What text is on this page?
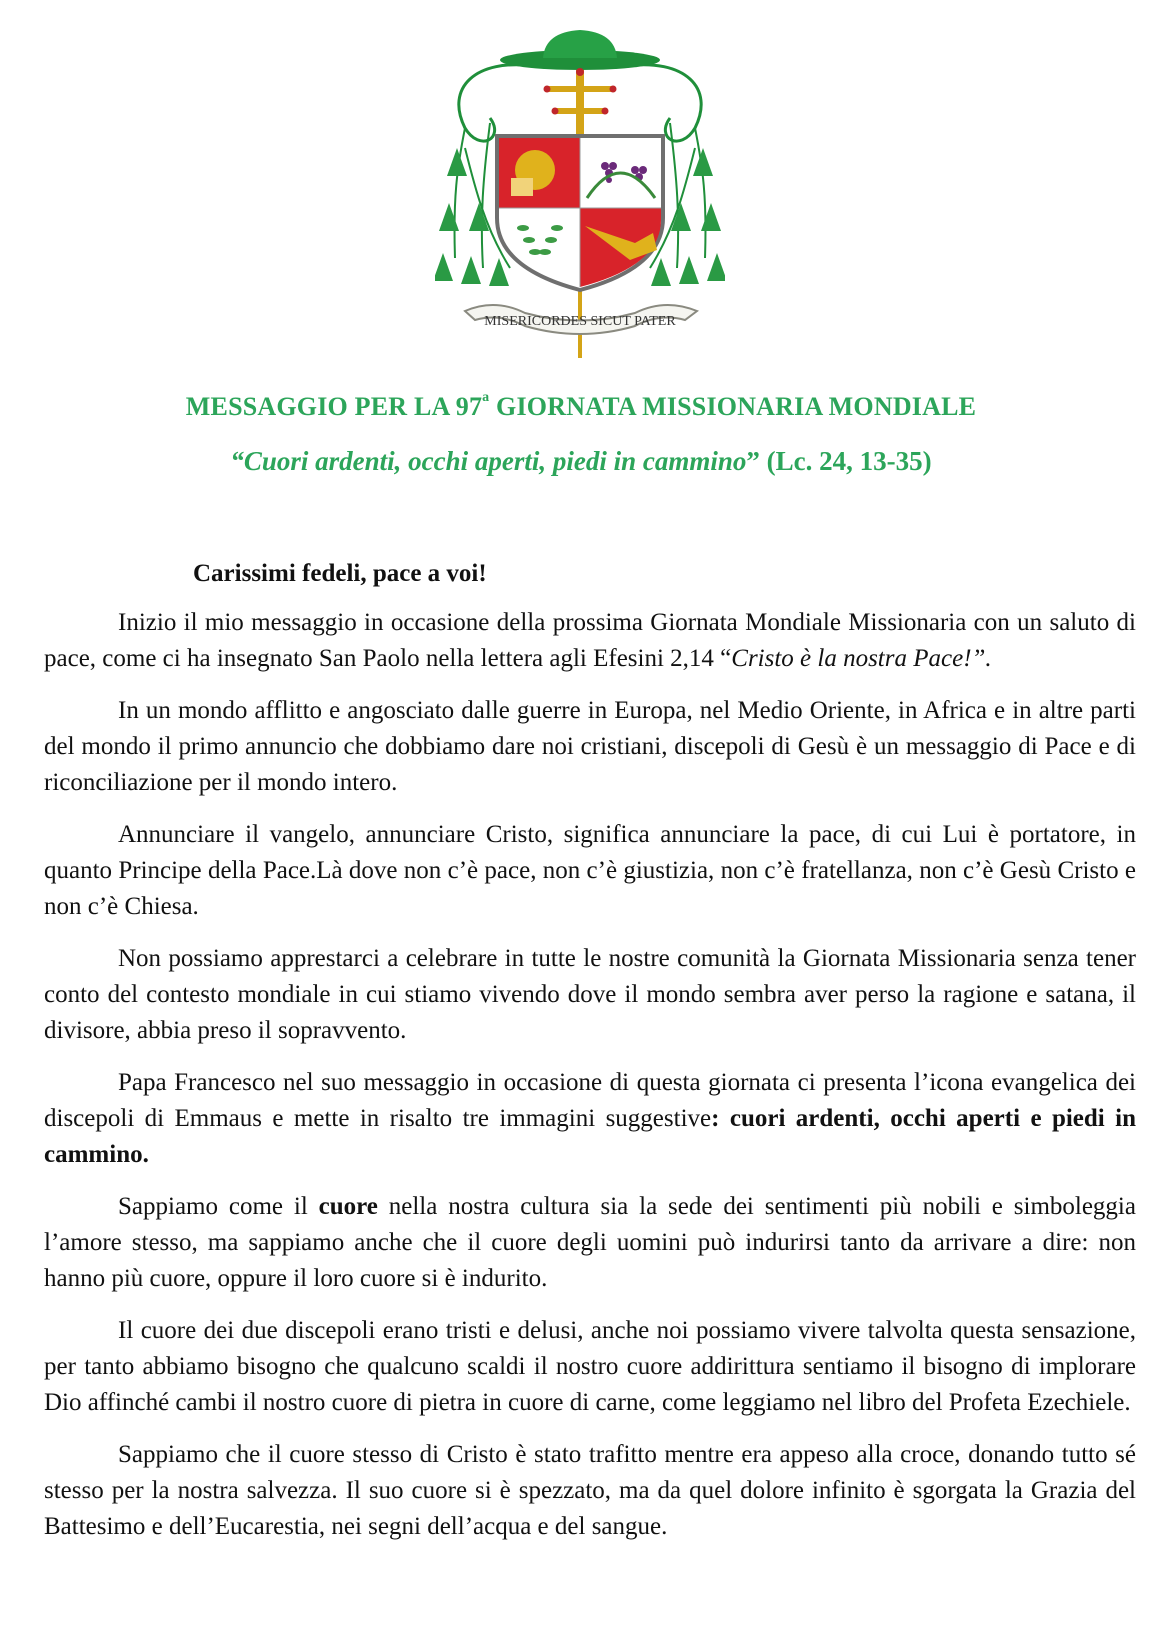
MISERICORDES SICUT PATER
MESSAGGIO PER LA 97$^a$ GIORNATA MISSIONARIA MONDIALE
“Cuori ardenti, occhi aperti, piedi in cammino” (Lc. 24, 13-35)
Carissimi fedeli, pace a voi!

Inizio il mio messaggio in occasione della prossima Giornata Mondiale Missionaria con un saluto di pace, come ci ha insegnato San Paolo nella lettera agli Efesini 2,14 “Cristo è la nostra Pace!”.

In un mondo afflitto e angosciato dalle guerre in Europa, nel Medio Oriente, in Africa e in altre parti del mondo il primo annuncio che dobbiamo dare noi cristiani, discepoli di Gesù è un messaggio di Pace e di riconciliazione per il mondo intero.

Annunciare il vangelo, annunciare Cristo, significa annunciare la pace, di cui Lui è portatore, in quanto Principe della Pace.Là dove non c’è pace, non c’è giustizia, non c’è fratellanza, non c’è Gesù Cristo e non c’è Chiesa.

Non possiamo apprestarci a celebrare in tutte le nostre comunità la Giornata Missionaria senza tener conto del contesto mondiale in cui stiamo vivendo dove il mondo sembra aver perso la ragione e satana, il divisore, abbia preso il sopravvento.

Papa Francesco nel suo messaggio in occasione di questa giornata ci presenta l’icona evangelica dei discepoli di Emmaus e mette in risalto tre immagini suggestive: cuori ardenti, occhi aperti e piedi in cammino.

Sappiamo come il cuore nella nostra cultura sia la sede dei sentimenti più nobili e simboleggia l’amore stesso, ma sappiamo anche che il cuore degli uomini può indurirsi tanto da arrivare a dire: non hanno più cuore, oppure il loro cuore si è indurito.

Il cuore dei due discepoli erano tristi e delusi, anche noi possiamo vivere talvolta questa sensazione, per tanto abbiamo bisogno che qualcuno scaldi il nostro cuore addirittura sentiamo il bisogno di implorare Dio affinché cambi il nostro cuore di pietra in cuore di carne, come leggiamo nel libro del Profeta Ezechiele.

Sappiamo che il cuore stesso di Cristo è stato trafitto mentre era appeso alla croce, donando tutto sé stesso per la nostra salvezza. Il suo cuore si è spezzato, ma da quel dolore infinito è sgorgata la Grazia del Battesimo e dell’Eucarestia, nei segni dell’acqua e del sangue.
